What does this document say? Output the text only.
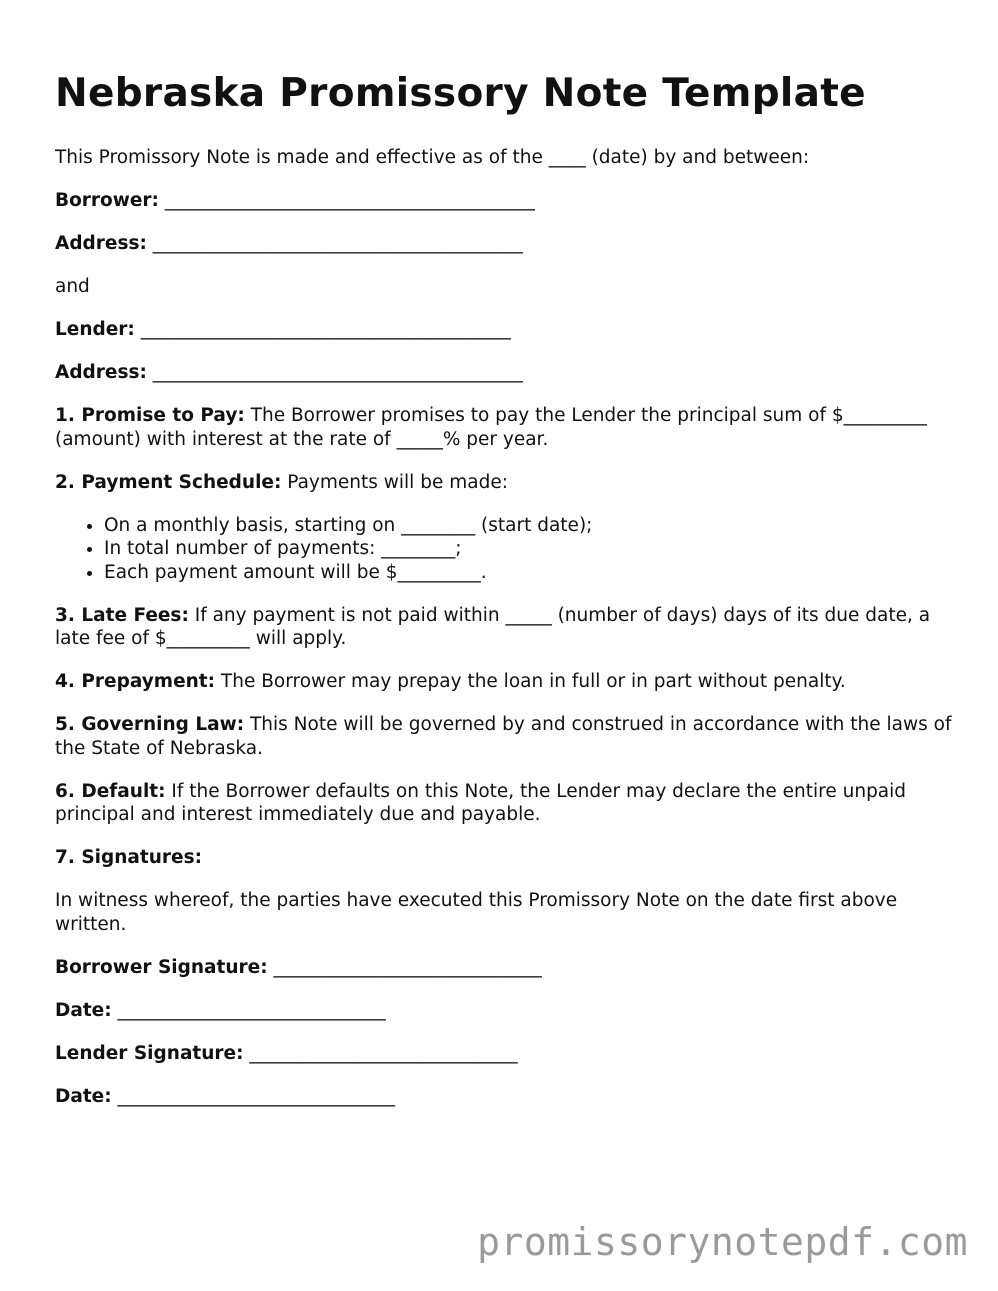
Nebraska Promissory Note Template

This Promissory Note is made and effective as of the ____ (date) by and between:

Borrower: ________________________________________

Address: ________________________________________

and

Lender: ________________________________________

Address: ________________________________________

1. Promise to Pay: The Borrower promises to pay the Lender the principal sum of $_________ (amount) with interest at the rate of _____% per year.

2. Payment Schedule: Payments will be made:

• On a monthly basis, starting on ________ (start date);
• In total number of payments: ________;
• Each payment amount will be $_________.

3. Late Fees: If any payment is not paid within _____ (number of days) days of its due date, a late fee of $_________ will apply.

4. Prepayment: The Borrower may prepay the loan in full or in part without penalty.

5. Governing Law: This Note will be governed by and construed in accordance with the laws of the State of Nebraska.

6. Default: If the Borrower defaults on this Note, the Lender may declare the entire unpaid principal and interest immediately due and payable.

7. Signatures:

In witness whereof, the parties have executed this Promissory Note on the date first above written.

Borrower Signature: _____________________________

Date: _____________________________

Lender Signature: _____________________________

Date: ______________________________

promissorynotepdf.com
